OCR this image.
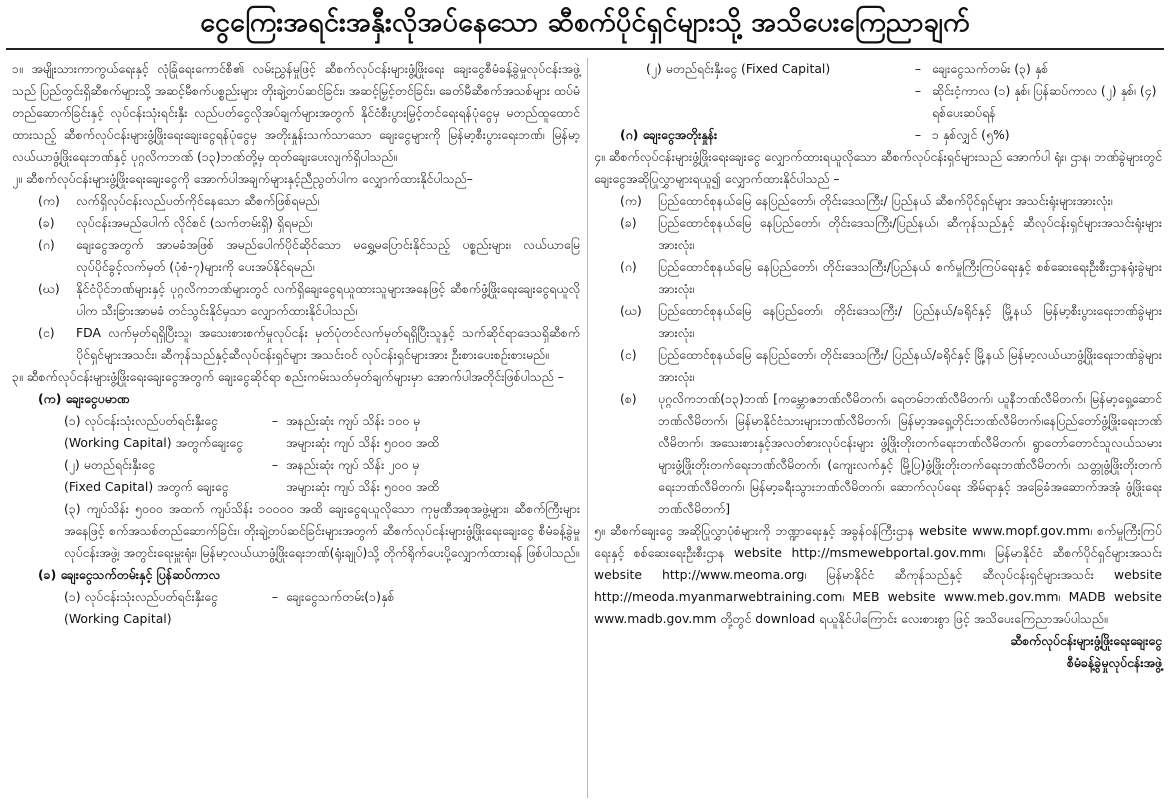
ငွေကြေးအရင်းအနှီးလိုအပ်နေသော ဆီစက်ပိုင်ရှင်များသို့ အသိပေးကြေညာချက်

၁။ အမျိုးသားကာကွယ်ရေးနှင့် လုံခြုံရေးကောင်စီ၏ လမ်းညွှန်မှုဖြင့် ဆီစက်လုပ်ငန်းများဖွံ့ဖြိုးရေး ချေးငွေစီမံခန့်ခွဲမှုလုပ်ငန်းအဖွဲ့သည် ပြည်တွင်းရှိဆီစက်များသို့ အဆင့်မီစက်ပစ္စည်းများ တိုးချဲ့တပ်ဆင်ခြင်း၊ အဆင့်မြှင့်တင်ခြင်း၊ ခေတ်မီဆီစက်အသစ်များ ထပ်မံတည်ဆောက်ခြင်းနှင့် လုပ်ငန်းသုံးရင်းနှီး လည်ပတ်ငွေလိုအပ်ချက်များအတွက် နိုင်ငံစီးပွားမြှင့်တင်ရေးရန်ပုံငွေမှ မတည်ထူထောင်ထားသည့် ဆီစက်လုပ်ငန်းများဖွံ့ဖြိုးရေးချေးငွေရန်ပုံငွေမှ အတိုးနှုန်းသက်သာသော ချေးငွေများကို မြန်မာ့စီးပွားရေးဘဏ်၊ မြန်မာ့လယ်ယာဖွံ့ဖြိုးရေးဘဏ်နှင့် ပုဂ္ဂလိကဘဏ် (၁၃)ဘဏ်တို့မှ ထုတ်ချေးပေးလျက်ရှိပါသည်။

၂။ ဆီစက်လုပ်ငန်းများဖွံ့ဖြိုးရေးချေးငွေကို အောက်ပါအချက်များနှင့်ညီညွတ်ပါက လျှောက်ထားနိုင်ပါသည်–

(က)	လက်ရှိလုပ်ငန်းလည်ပတ်ကိုင်နေသော ဆီစက်ဖြစ်ရမည်၊
(ခ)	လုပ်ငန်းအမည်ပေါက် လိုင်စင် (သက်တမ်းရှိ) ရှိရမည်၊
(ဂ)	ချေးငွေအတွက် အာမခံအဖြစ် အမည်ပေါက်ပိုင်ဆိုင်သော မရွှေ့မပြောင်းနိုင်သည့် ပစ္စည်းများ၊ လယ်ယာမြေလုပ်ပိုင်ခွင့်လက်မှတ် (ပုံစံ-၇)များကို ပေးအပ်နိုင်ရမည်၊
(ဃ)	နိုင်ငံပိုင်ဘဏ်များနှင့် ပုဂ္ဂလိကဘဏ်များတွင် လက်ရှိချေးငွေရယူထားသူများအနေဖြင့် ဆီစက်ဖွံ့ဖြိုးရေးချေးငွေရယူလိုပါက သီးခြားအာမခံ တင်သွင်းနိုင်မှသာ လျှောက်ထားနိုင်ပါသည်၊
(င)	FDA လက်မှတ်ရရှိပြီးသူ၊ အသေးစားစက်မှုလုပ်ငန်း မှတ်ပုံတင်လက်မှတ်ရရှိပြီးသူနှင့် သက်ဆိုင်ရာဒေသရှိဆီစက်ပိုင်ရှင်များအသင်း၊ ဆီကုန်သည်နှင့်ဆီလုပ်ငန်းရှင်များ အသင်းဝင် လုပ်ငန်းရှင်များအား ဦးစားပေးစဉ်းစားမည်။

၃။ ဆီစက်လုပ်ငန်းများဖွံ့ဖြိုးရေးချေးငွေအတွက် ချေးငွေဆိုင်ရာ စည်းကမ်းသတ်မှတ်ချက်များမှာ အောက်ပါအတိုင်းဖြစ်ပါသည် –

(က) ချေးငွေပမာဏ
(၁) လုပ်ငန်းသုံးလည်ပတ်ရင်းနှီးငွေ
(Working Capital) အတွက်ချေးငွေ
– အနည်းဆုံး ကျပ် သိန်း ၁၀၀ မှ
အများဆုံး ကျပ် သိန်း ၅၀၀၀ အထိ
(၂) မတည်ရင်းနှီးငွေ
(Fixed Capital) အတွက် ချေးငွေ
– အနည်းဆုံး ကျပ် သိန်း ၂၀၀ မှ
အများဆုံး ကျပ် သိန်း ၅၀၀၀ အထိ

(၃) ကျပ်သိန်း ၅၀၀၀ အထက် ကျပ်သိန်း ၁၀၀၀၀ အထိ ချေးငွေရယူလိုသော ကုမ္ပဏီအစုအဖွဲ့များ၊ ဆီစက်ကြီးများအနေဖြင့် စက်အသစ်တည်ဆောက်ခြင်း၊ တိုးချဲ့တပ်ဆင်ခြင်းများအတွက် ဆီစက်လုပ်ငန်းများဖွံ့ဖြိုးရေးချေးငွေ စီမံခန့်ခွဲမှုလုပ်ငန်းအဖွဲ့၊ အတွင်းရေးမှူးရုံး၊ မြန်မာ့လယ်ယာဖွံ့ဖြိုးရေးဘဏ်(ရုံးချုပ်)သို့ တိုက်ရိုက်ပေးပို့လျှောက်ထားရန် ဖြစ်ပါသည်။

(ခ) ချေးငွေသက်တမ်းနှင့် ပြန်ဆပ်ကာလ
(၁) လုပ်ငန်းသုံးလည်ပတ်ရင်းနှီးငွေ
(Working Capital)
– ချေးငွေသက်တမ်း(၁)နှစ်
(၂) မတည်ရင်းနှီးငွေ (Fixed Capital)	– ချေးငွေသက်တမ်း (၃) နှစ်
– ဆိုင်းငံ့ကာလ (၁) နှစ်၊ ပြန်ဆပ်ကာလ (၂) နှစ်၊ (၄) ရစ်ပေးဆပ်ရန်
(ဂ) ချေးငွေအတိုးနှုန်း	– ၁ နှစ်လျှင် (၅%)

၄။ ဆီစက်လုပ်ငန်းများဖွံ့ဖြိုးရေးချေးငွေ လျှောက်ထားရယူလိုသော ဆီစက်လုပ်ငန်းရှင်များသည် အောက်ပါ ရုံး၊ ဌာန၊ ဘဏ်ခွဲများတွင် ချေးငွေအဆိုပြုလွှာများရယူ၍ လျှောက်ထားနိုင်ပါသည် –

(က)	ပြည်ထောင်စုနယ်မြေ နေပြည်တော်၊ တိုင်းဒေသကြီး/ ပြည်နယ် ဆီစက်ပိုင်ရှင်များ အသင်းရုံးများအားလုံး၊
(ခ)	ပြည်ထောင်စုနယ်မြေ နေပြည်တော်၊ တိုင်းဒေသကြီး/ပြည်နယ်၊ ဆီကုန်သည်နှင့် ဆီလုပ်ငန်းရှင်များအသင်းရုံးများအားလုံး၊
(ဂ)	ပြည်ထောင်စုနယ်မြေ နေပြည်တော်၊ တိုင်းဒေသကြီး/ပြည်နယ် စက်မှုကြီးကြပ်ရေးနှင့် စစ်ဆေးရေးဦးစီးဌာနရုံးခွဲများအားလုံး၊
(ဃ)	ပြည်ထောင်စုနယ်မြေ နေပြည်တော်၊ တိုင်းဒေသကြီး/ ပြည်နယ်/ခရိုင်နှင့် မြို့နယ် မြန်မာ့စီးပွားရေးဘဏ်ခွဲများအားလုံး၊
(င)	ပြည်ထောင်စုနယ်မြေ နေပြည်တော်၊ တိုင်းဒေသကြီး/ ပြည်နယ်/ခရိုင်နှင့် မြို့နယ် မြန်မာ့လယ်ယာဖွံ့ဖြိုးရေးဘဏ်ခွဲများအားလုံး၊
(စ)	ပုဂ္ဂလိကဘဏ်(၁၃)ဘဏ် [ကမ္ဘောဇဘဏ်လီမိတက်၊ ရေတမ်ဘဏ်လီမိတက်၊ ယူနီဘဏ်လီမိတက်၊ မြန်မာ့ရှေ့ဆောင်ဘဏ်လီမိတက်၊ မြန်မာနိုင်ငံသားများဘဏ်လီမိတက်၊ မြန်မာ့အရှေ့တိုင်းဘဏ်လီမိတက်၊နေပြည်တော်ဖွံ့ဖြိုးရေးဘဏ်လီမိတက်၊ အသေးစားနှင့်အလတ်စားလုပ်ငန်းများ ဖွံ့ဖြိုးတိုးတက်ရေးဘဏ်လီမိတက်၊ ရွာတော်တောင်သူလယ်သမားများဖွံ့ဖြိုးတိုးတက်ရေးဘဏ်လီမိတက်၊ (ကျေးလက်နှင့် မြို့ပြ)ဖွံ့ဖြိုးတိုးတက်ရေးဘဏ်လီမိတက်၊ သတ္တုဖွံ့ဖြိုးတိုးတက်ရေးဘဏ်လီမိတက်၊ မြန်မာ့ခရီးသွားဘဏ်လီမိတက်၊ ဆောက်လုပ်ရေး အိမ်ရာနှင့် အခြေခံအဆောက်အအုံ ဖွံ့ဖြိုးရေးဘဏ်လီမိတက်]

၅။ ဆီစက်ချေးငွေ အဆိုပြုလွှာပုံစံများကို ဘဏ္ဍာရေးနှင့် အခွန်ဝန်ကြီးဌာန website www.mopf.gov.mm၊ စက်မှုကြီးကြပ်ရေးနှင့် စစ်ဆေးရေးဦးစီးဌာန website http://msmewebportal.gov.mm၊ မြန်မာနိုင်ငံ ဆီစက်ပိုင်ရှင်များအသင်း website http://www.meoma.org၊ မြန်မာနိုင်ငံ ဆီကုန်သည်နှင့် ဆီလုပ်ငန်းရှင်များအသင်း website http://meoda.myanmarwebtraining.com၊ MEB website www.meb.gov.mm၊ MADB website www.madb.gov.mm တို့တွင် download ရယူနိုင်ပါကြောင်း လေးစားစွာ ဖြင့် အသိပေးကြေညာအပ်ပါသည်။

ဆီစက်လုပ်ငန်းများဖွံ့ဖြိုးရေးချေးငွေ
စီမံခန့်ခွဲမှုလုပ်ငန်းအဖွဲ့
